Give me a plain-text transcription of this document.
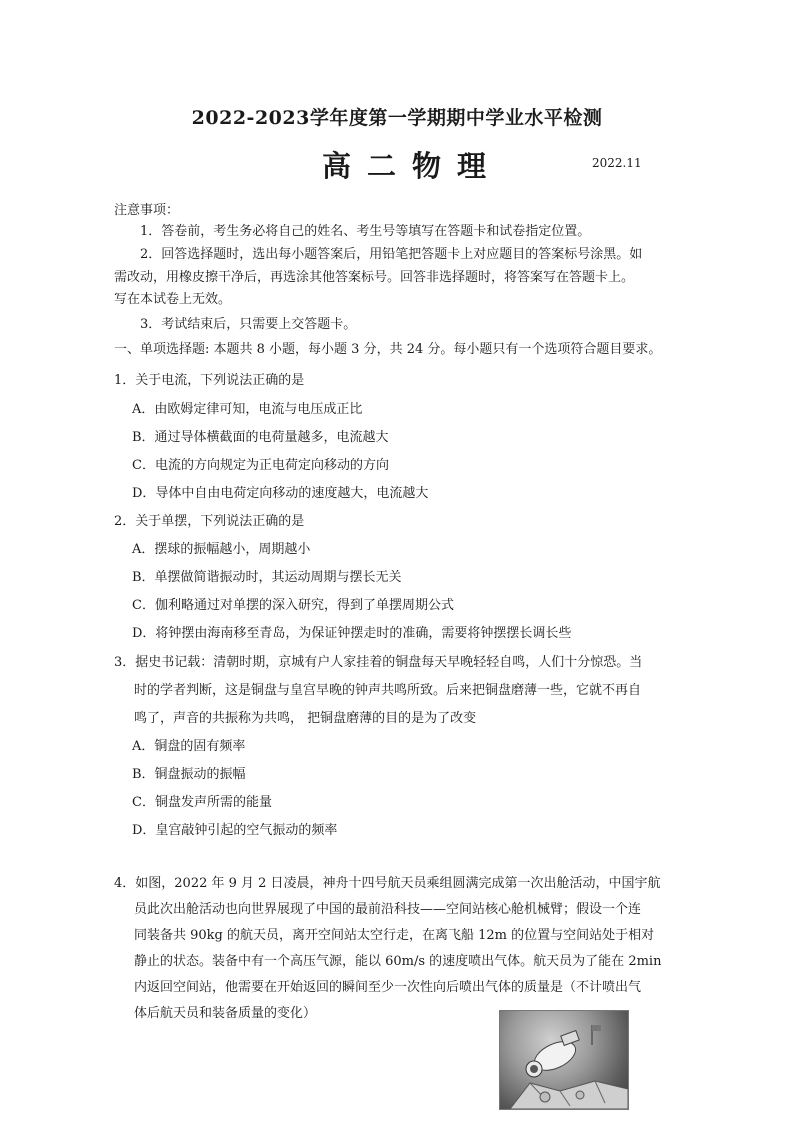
2022-2023学年度第一学期期中学业水平检测
高二物理	2022.11
注意事项：
1．答卷前，考生务必将自己的姓名、考生号等填写在答题卡和试卷指定位置。
2．回答选择题时，选出每小题答案后，用铅笔把答题卡上对应题目的答案标号涂黑。如
需改动，用橡皮擦干净后，再选涂其他答案标号。回答非选择题时，将答案写在答题卡上。
写在本试卷上无效。
3．考试结束后，只需要上交答题卡。
一、单项选择题: 本题共 8 小题，每小题 3 分，共 24 分。每小题只有一个选项符合题目要求。
1．关于电流，下列说法正确的是
A．由欧姆定律可知，电流与电压成正比
B．通过导体横截面的电荷量越多，电流越大
C．电流的方向规定为正电荷定向移动的方向
D．导体中自由电荷定向移动的速度越大，电流越大
2．关于单摆，下列说法正确的是
A．摆球的振幅越小，周期越小
B．单摆做简谐振动时，其运动周期与摆长无关
C．伽利略通过对单摆的深入研究，得到了单摆周期公式
D．将钟摆由海南移至青岛，为保证钟摆走时的准确，需要将钟摆摆长调长些
3．据史书记载：清朝时期，京城有户人家挂着的铜盘每天早晚轻轻自鸣，人们十分惊恐。当
时的学者判断，这是铜盘与皇宫早晚的钟声共鸣所致。后来把铜盘磨薄一些，它就不再自
鸣了，声音的共振称为共鸣， 把铜盘磨薄的目的是为了改变
A．铜盘的固有频率
B．铜盘振动的振幅
C．铜盘发声所需的能量
D．皇宫敲钟引起的空气振动的频率
4．如图，2022 年 9 月 2 日凌晨，神舟十四号航天员乘组圆满完成第一次出舱活动，中国宇航
员此次出舱活动也向世界展现了中国的最前沿科技——空间站核心舱机械臂；假设一个连
同装备共 90kg 的航天员，离开空间站太空行走，在离飞船 12m 的位置与空间站处于相对
静止的状态。装备中有一个高压气源，能以 60m/s 的速度喷出气体。航天员为了能在 2min
内返回空间站，他需要在开始返回的瞬间至少一次性向后喷出气体的质量是（不计喷出气
体后航天员和装备质量的变化）
